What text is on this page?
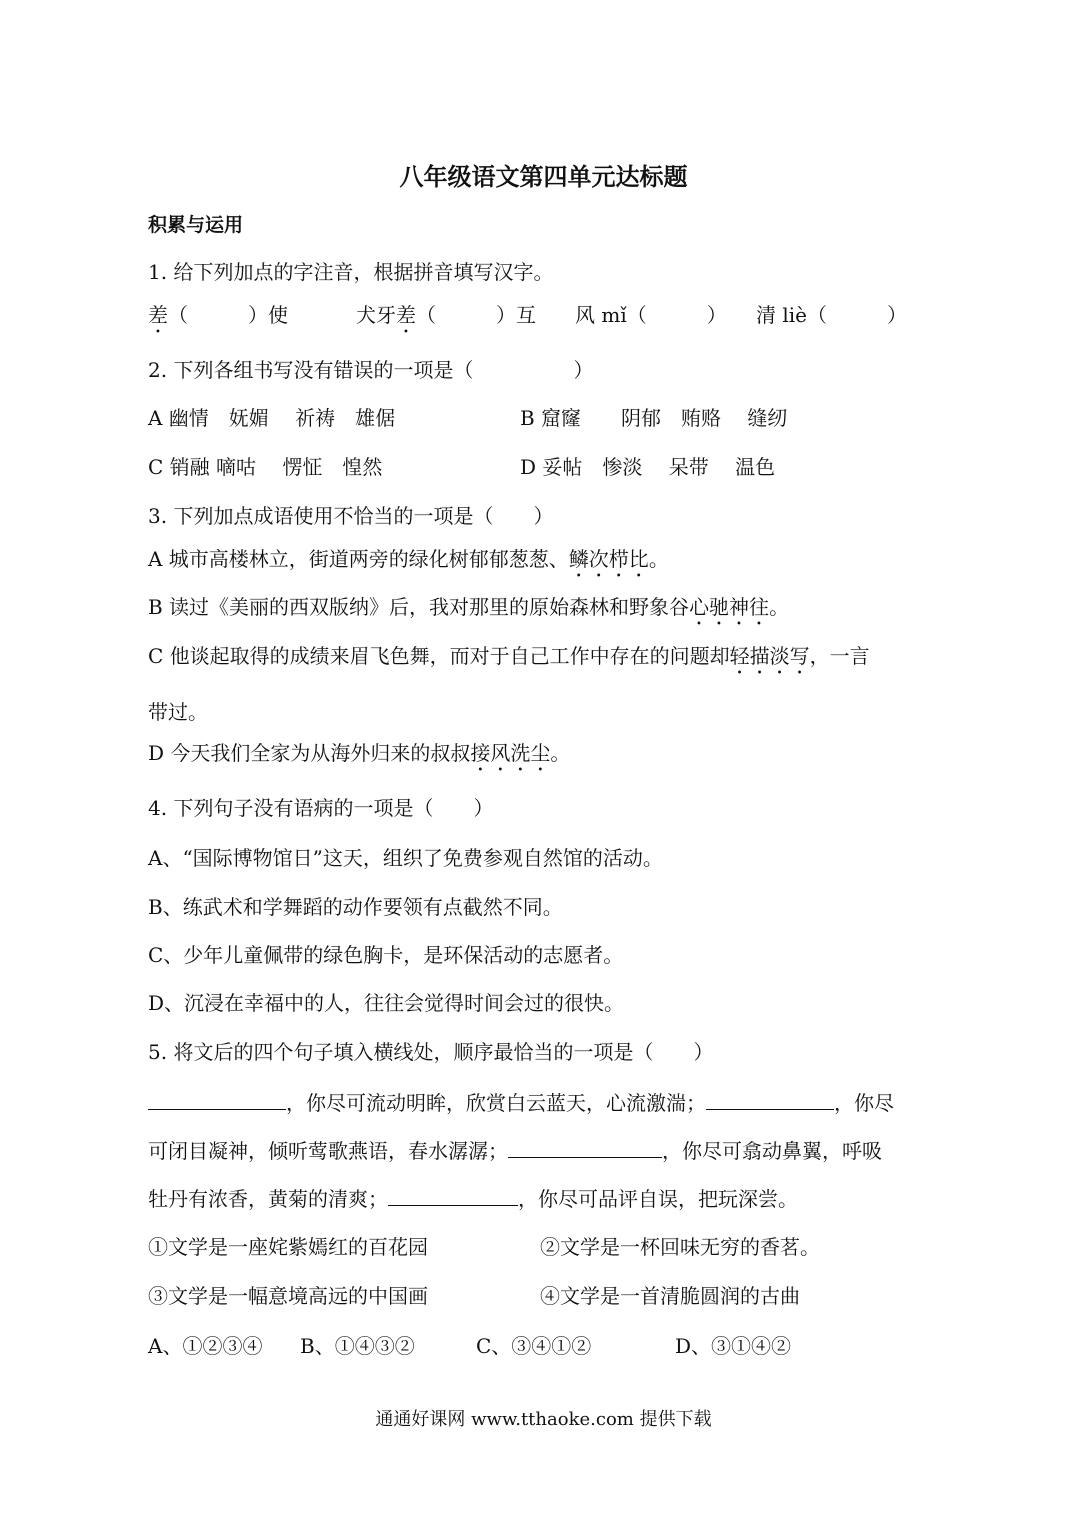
八年级语文第四单元达标题
积累与运用
1. 给下列加点的字注音，根据拼音填写汉字。
差（　　　）使	犬牙差（　　　）互 风 mǐ（　　　） 清 liè（　　　）
2. 下列各组书写没有错误的一项是（　　　　　）
A 幽情　妩媚　 祈祷　雄倨	B 窟窿　　阴郁　贿赂　 缝纫
C 销融 嘀咕　 愣怔　惶然	D 妥帖　惨淡　 呆带　 温色
3. 下列加点成语使用不恰当的一项是（　　）
A 城市高楼林立，街道两旁的绿化树郁郁葱葱、鳞次栉比。
B 读过《美丽的西双版纳》后，我对那里的原始森林和野象谷心驰神往。
C 他谈起取得的成绩来眉飞色舞，而对于自己工作中存在的问题却轻描淡写，一言
带过。
D 今天我们全家为从海外归来的叔叔接风洗尘。
4. 下列句子没有语病的一项是（　　）
A、“国际博物馆日”这天，组织了免费参观自然馆的活动。
B、练武术和学舞蹈的动作要领有点截然不同。
C、少年儿童佩带的绿色胸卡，是环保活动的志愿者。
D、沉浸在幸福中的人，往往会觉得时间会过的很快。
5. 将文后的四个句子填入横线处，顺序最恰当的一项是（　　）
，你尽可流动明眸，欣赏白云蓝天，心流激湍；	，你尽
可闭目凝神，倾听莺歌燕语，春水潺潺；	，你尽可翕动鼻翼，呼吸
牡丹有浓香，黄菊的清爽；	，你尽可品评自误，把玩深尝。
①文学是一座姹紫嫣红的百花园	②文学是一杯回味无穷的香茗。
③文学是一幅意境高远的中国画	④文学是一首清脆圆润的古曲
A、①②③④ B、①④③②	C、③④①②	D、③①④②
通通好课网 www.tthaoke.com 提供下载
